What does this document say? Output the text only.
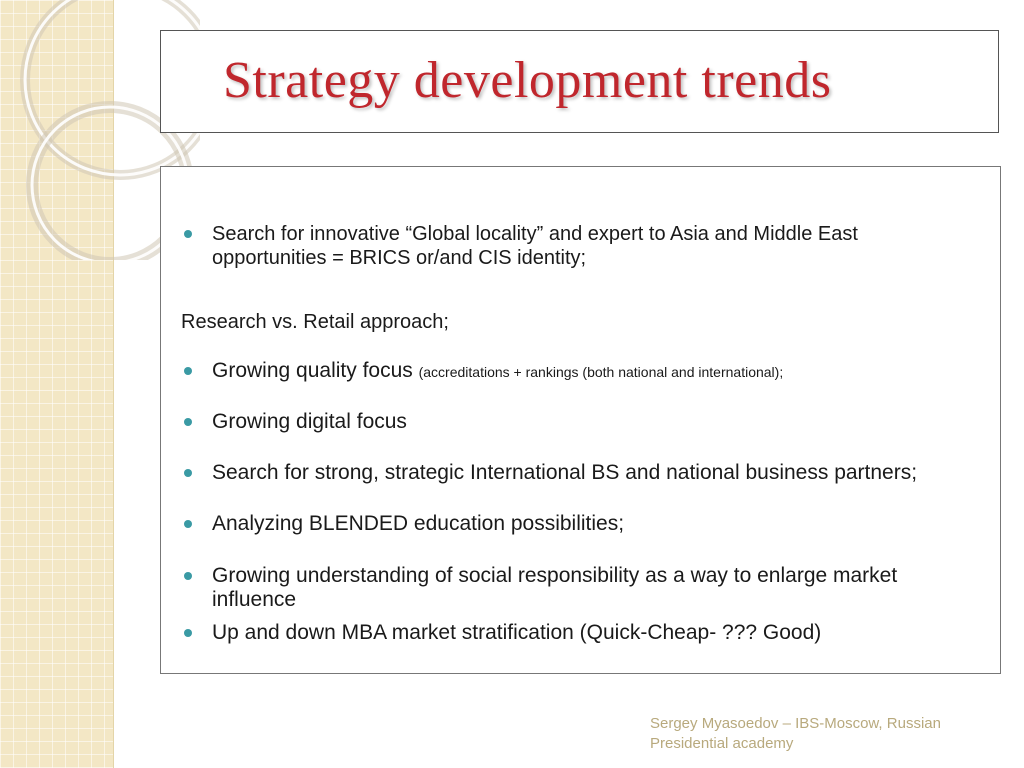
Strategy development trends
Search for innovative “Global locality” and expert to Asia and Middle East
opportunities = BRICS or/and CIS identity;
Research vs. Retail approach;
Growing quality focus (accreditations + rankings (both national and international);
Growing digital focus
Search for strong, strategic International BS and national business partners;
Analyzing BLENDED education possibilities;
Growing understanding of social responsibility as a way to enlarge market
influence
Up and down MBA market stratification (Quick-Cheap- ??? Good)
Sergey Myasoedov – IBS-Moscow, Russian
Presidential academy
